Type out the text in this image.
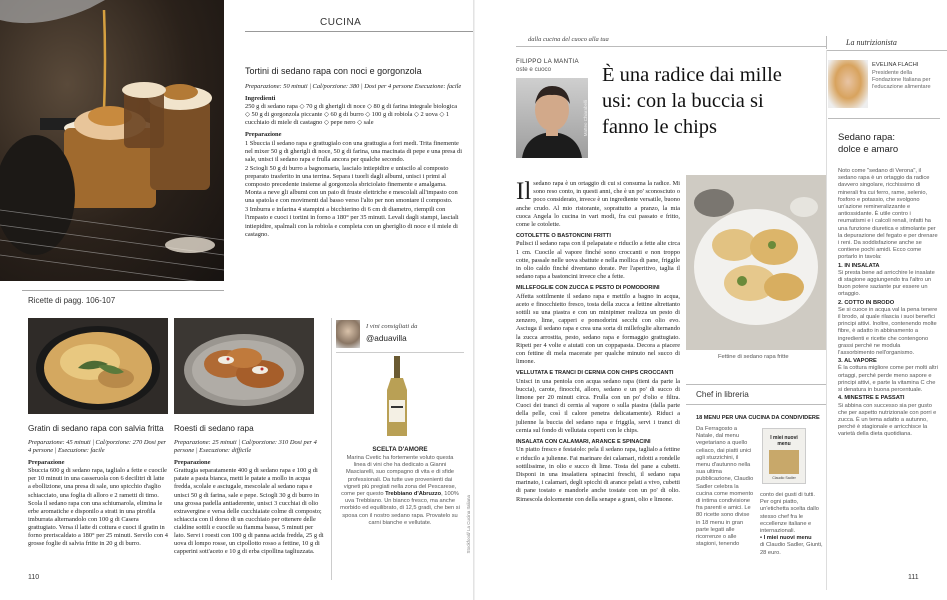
CUCINA
Tortini di sedano rapa con noci e gorgonzola
Preparazione: 50 minuti | Cal/porzione: 380 | Dosi per 4 persone Esecuzione: facile
Ingredienti
250 g di sedano rapa ◇ 70 g di gherigli di noce ◇ 80 g di farina integrale biologica ◇ 50 g di gorgonzola piccante ◇ 60 g di burro ◇ 100 g di robiola ◇ 2 uova ◇ 1 cucchiaio di miele di castagno ◇ pepe nero ◇ sale
Preparazione

1 Sbuccia il sedano rapa e grattugialo con una grattugia a fori medi. Trita finemente nel mixer 50 g di gherigli di noce, 50 g di farina, una macinata di pepe e una presa di sale, unisci il sedano rapa e frulla ancora per qualche secondo.

2 Sciogli 50 g di burro a bagnomaria, lascialo intiepidire e uniscilo al composto preparato trasferito in una terrina. Separa i tuorli dagli albumi, unisci i primi al composto precedente insieme al gorgonzola sbriciolato finemente e amalgama. Monta a neve gli albumi con un paio di fruste elettriche e mescolali all'impasto con una spatola e con movimenti dal basso verso l'alto per non smontare il composto.

3 Imburra e infarina 4 stampini a bicchierino di 6 cm di diametro, riempili con l'impasto e cuoci i tortini in forno a 180° per 35 minuti. Levali dagli stampi, lasciali intiepidire, spalmali con la robiola e completa con un gheriglio di noce e il miele di castagno.

Ricette di pagg. 106-107
Gratin di sedano rapa con salvia fritta
Preparazione: 45 minuti | Cal/porzione: 270 Dosi per 4 persone | Esecuzione: facile
Preparazione
Sbuccia 600 g di sedano rapa, taglialo a fette e cuocile per 10 minuti in una casseruola con 6 decilitri di latte a ebollizione, una presa di sale, uno spicchio d'aglio schiacciato, una foglia di alloro e 2 rametti di timo. Scola il sedano rapa con una schiumarola, elimina le erbe aromatiche e disponilo a strati in una pirofila imburrata alternandolo con 100 g di Casera grattugiato. Versa il latte di cottura e cuoci il gratin in forno preriscaldato a 180° per 25 minuti. Servilo con 4 grosse foglie di salvia fritte in 20 g di burro.
Roesti di sedano rapa
Preparazione: 25 minuti | Cal/porzione: 310 Dosi per 4 persone | Esecuzione: difficile
Preparazione
Grattugia separatamente 400 g di sedano rapa e 100 g di patate a pasta bianca, metti le patate a mollo in acqua fredda, scolale e asciugale, mescolale al sedano rapa e unisci 50 g di farina, sale e pepe. Sciogli 30 g di burro in una grossa padella antiaderente, unisci 3 cucchiai di olio extravergine e versa delle cucchiaiate colme di composto; schiaccia con il dorso di un cucchiaio per ottenere delle cialdine sottili e cuocile su fiamma bassa, 5 minuti per lato. Servi i roesti con 100 g di panna acida fredda, 25 g di uova di lompo rosse, un cipollotto rosso a fettine, 10 g di capperini sott'aceto e 10 g di erba cipollina tagliuzzata.
I vini consigliati da
@aduavilla
SCELTA D'AMORE
Marina Cvetic ha fortemente voluto questa linea di vini che ha dedicato a Gianni Masciarelli, suo compagno di vita e di sfide professionali. Da tutte uve provenienti dai vigneti più pregiati nella zona del Pescarese, come per questo Trebbiano d'Abruzzo, 100% uva Trebbiano. Un bianco fresco, ma anche morbido ed equilibrato, di 12,5 gradi, che ben si sposa con il nostro sedano rapa. Provatelo su carni bianche e vellutate.	Stockfood/ La Cucina Italiana
110
dalla cucina del cuoco alla tua	La nutrizionista
FILIPPO LA MANTIA
oste e cuoco
Matteo Chiarabelli
È una radice dai mille usi: con la buccia si fanno le chips

Il sedano rapa è un ortaggio di cui si consuma la radice. Mi sono reso conto, in questi anni, che è un po' sconosciuto o poco considerato, invece è un ingrediente versatile, buono anche crudo. Al mio ristorante, soprattutto a pranzo, la mia cuoca Angela lo cucina in vari modi, fra cui passato e fritto, come le cotolette.

COTOLETTE O BASTONCINI FRITTI

Pulisci il sedano rapa con il pelapatate e riducilo a fette alte circa 1 cm. Cuocile al vapore finché sono croccanti e non troppo cotte, passale nelle uova sbattute e nella mollica di pane, friggile in olio caldo finché diventano dorate. Per l'aperitivo, taglia il sedano rapa a bastoncini invece che a fette.

MILLEFOGLIE CON ZUCCA E PESTO DI POMODORINI

Affetta sottilmente il sedano rapa e mettilo a bagno in acqua, aceto e finocchietto fresco, tosta della zucca a fettine altrettanto sottili su una piastra e con un minipimer realizza un pesto di zenzero, lime, capperi e pomodorini secchi con olio evo. Asciuga il sedano rapa e crea una sorta di millefoglie alternando la zucca arrostita, pesto, sedano rapa e formaggio grattugiato. Ripeti per 4 volte e aiutati con un coppapasta. Decora a piacere con fettine di mela macerate per qualche minuto nel succo di limone.

VELLUTATA E TRANCI DI CERNIA CON CHIPS CROCCANTI

Unisci in una pentola con acqua sedano rapa (tieni da parte la buccia), carote, finocchi, alloro, sedano e un po' di succo di limone per 20 minuti circa. Frulla con un po' d'olio e filtra. Cuoci dei tranci di cernia al vapore o sulla piastra (dalla parte della pelle, così il calore penetra delicatamente). Riduci a julienne la buccia del sedano rapa e friggila, servi i tranci di cernia sul fondo di vellutata coperti con le chips.

INSALATA CON CALAMARI, ARANCE E SPINACINI

Un piatto fresco e festaiolo: pela il sedano rapa, taglialo a fettine e riducilo a julienne. Fai marinare dei calamari, ridotti a rondelle sottilissime, in olio e succo di lime. Tosta del pane a cubetti. Disponi in una insalatiera spinacini freschi, il sedano rapa marinato, i calamari, degli spicchi di arance pelati a vivo, cubetti di pane tostato e mandorle anche tostate con un po' di olio. Rimescola dolcemente con della senape a grani, olio e limone.

Fettine di sedano rapa fritte
Chef in libreria
18 MENU PER UNA CUCINA DA CONDIVIDERE
Da Ferragosto a Natale, dal menu vegetariano a quello celiaco, dai piatti unici agli stuzzichini, il menu d'autunno nella sua ultima pubblicazione, Claudio Sadler celebra la cucina come momento di intima condivisione fra parenti e amici. Le 80 ricette sono divise in 18 menu in gran parte legati alle ricorrenze o alle stagioni, tenendo
I miei nuovi menu
Claudio Sadler
conto dei gusti di tutti. Per ogni piatto, un'etichetta scelta dallo stesso chef fra le eccellenze italiane e internazionali.
• I miei nuovi menu
di Claudio Sadler, Giunti, 28 euro.
EVELINA FLACHI
Presidente della Fondazione Italiana per l'educazione alimentare
Sedano rapa:
dolce e amaro

Noto come "sedano di Verona", il sedano rapa è un ortaggio da radice davvero singolare, ricchissimo di minerali fra cui ferro, rame, selenio, fosforo e potassio, che svolgono un'azione remineralizzante e antiossidante. È utile contro i reumatismi e i calcoli renali, infatti ha una funzione diuretica e stimolante per la depurazione del fegato e per drenare i reni. Da soddisfazione anche se contiene pochi amidi. Ecco come portarlo in tavola:

1. IN INSALATA

Si presta bene ad arricchire le insalate di stagione aggiungendo tra l'altro un buon potere saziante pur essere un ortaggio.

2. COTTO IN BRODO

Se si cuoce in acqua val la pena tenere il brodo, al quale rilascia i suoi benefici principi attivi. Inoltre, contenendo molte fibre, è adatto in abbinamento a ingredienti e ricette che contengono grassi perché ne modula l'assorbimento nell'organismo.

3. AL VAPORE

È la cottura migliore come per molti altri ortaggi, perché perde meno sapore e principi attivi, e parte la vitamina C che si denatura in buona percentuale.

4. MINESTRE E PASSATI

Si abbina con successo sia per gusto che per aspetto nutrizionale con porri e zucca. È un tema adatto a autunno, perché è stagionale e arricchisce la varietà della dieta quotidiana.

111
